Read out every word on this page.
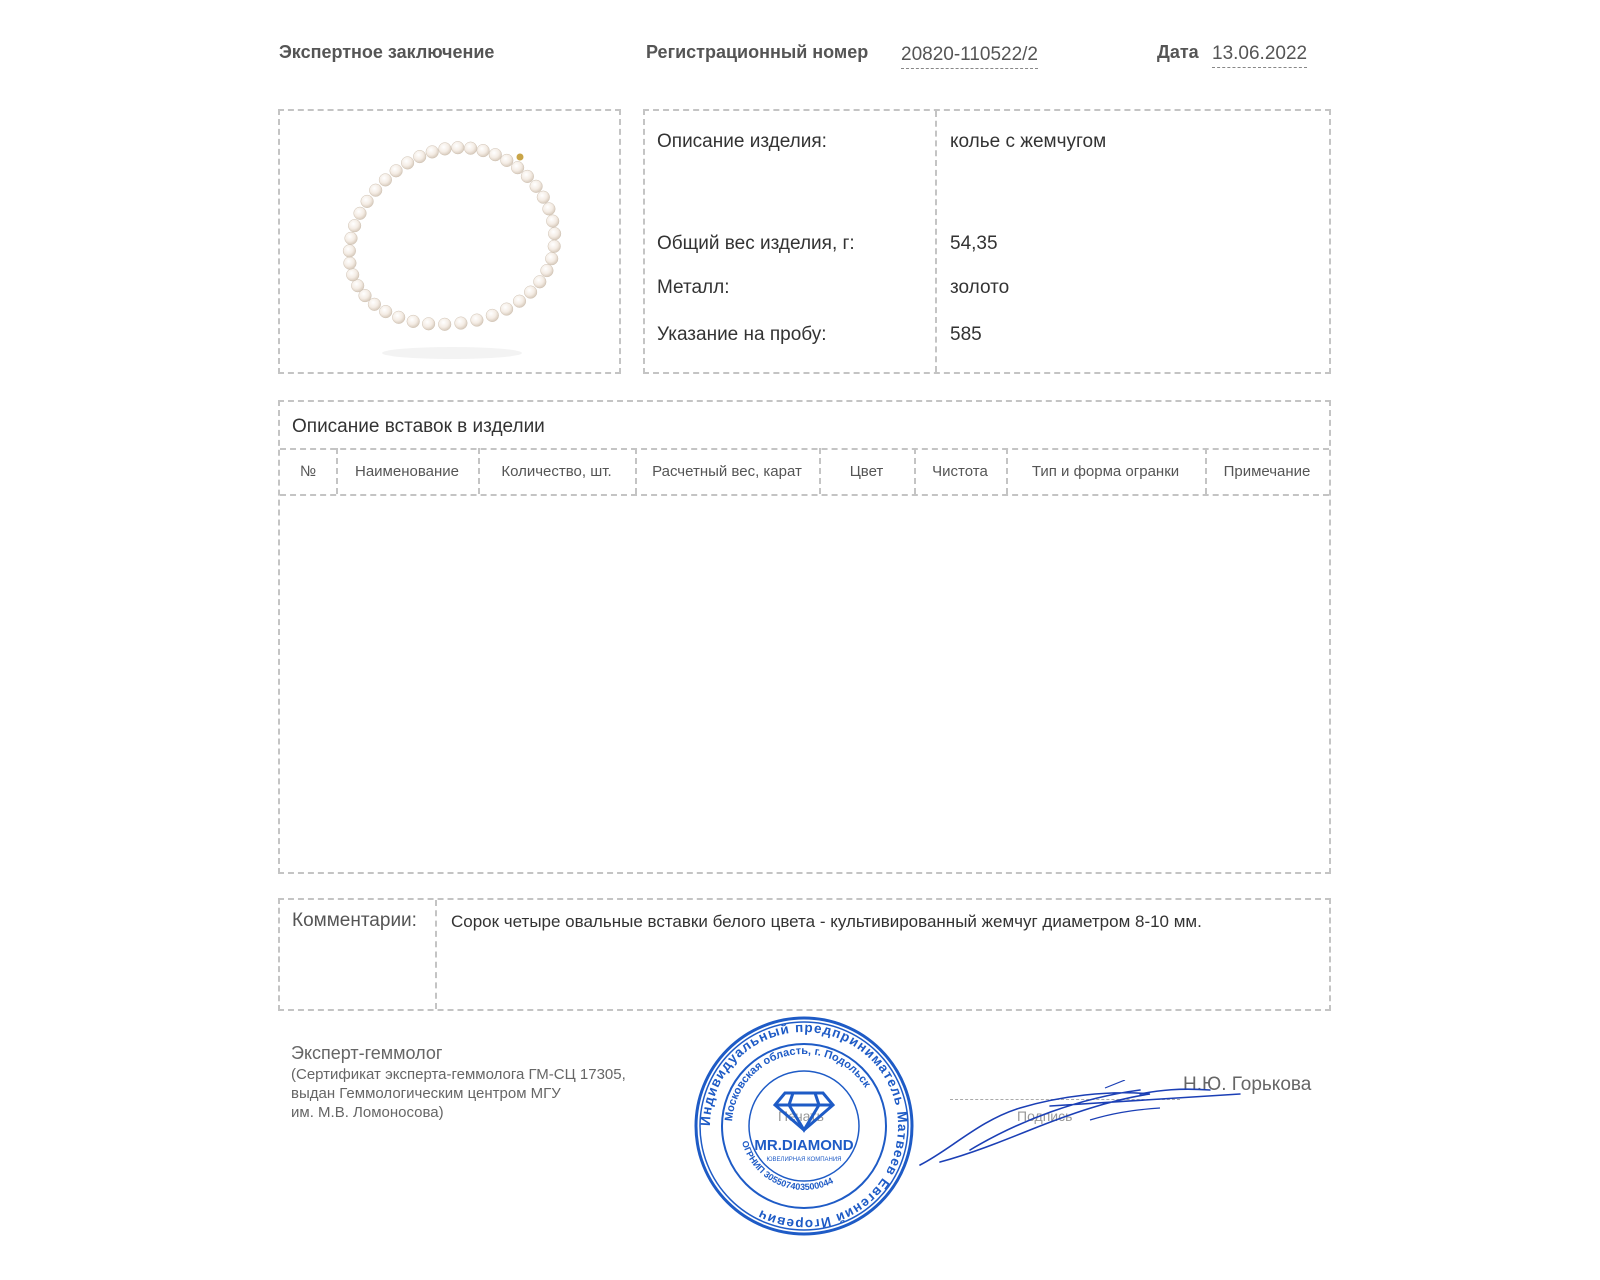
Экспертное заключение	Регистрационный номер 20820-110522/2	Дата 13.06.2022
Описание изделия:	колье с жемчугом
Общий вес изделия, г:	54,35
Металл:	золото
Указание на пробу:	585
Описание вставок в изделии
№	Наименование	Количество, шт.	Расчетный вес, карат	Цвет	Чистота	Тип и форма огранки	Примечание
Комментарии: Сорок четыре овальные вставки белого цвета - культивированный жемчуг диаметром 8-10 мм.
Эксперт-геммолог
(Сертификат эксперта-геммолога ГМ-СЦ 17305,
выдан Геммологическим центром МГУ
им. М.В. Ломоносова)	Печать	Подпись
Н.Ю. Горькова
Индивидуальный предприниматель Матвеев Евгений Игоревич
Московская область, г. Подольск
ОГРНИП 305507403500044
MR.DIAMOND
ЮВЕЛИРНАЯ КОМПАНИЯ
